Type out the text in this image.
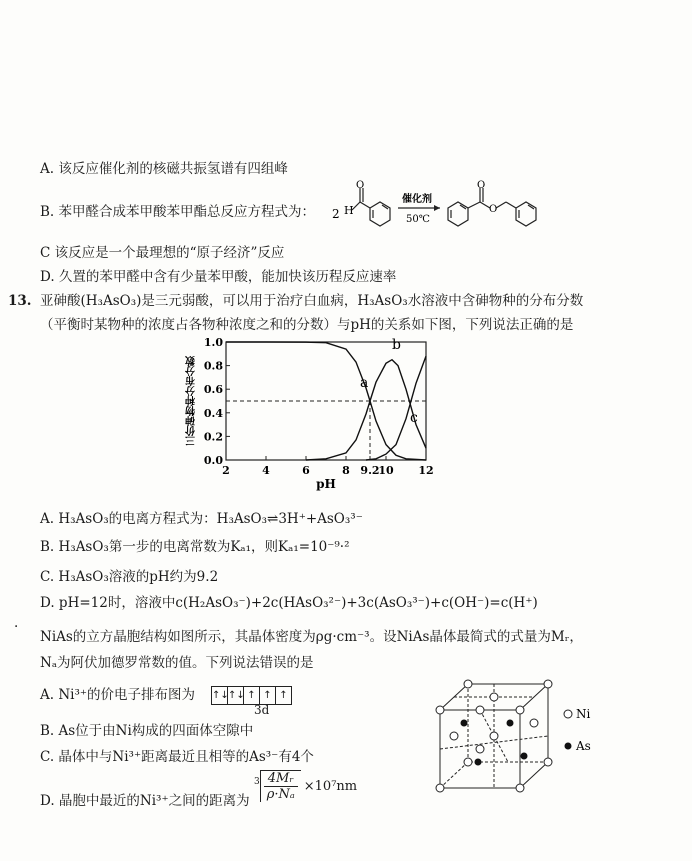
A. 该反应催化剂的核磁共振氢谱有四组峰
B. 苯甲醛合成苯甲酸苯甲酯总反应方程式为： 2 H
O
催化剂
50℃
O
O
C 该反应是一个最理想的“原子经济”反应
D. 久置的苯甲醛中含有少量苯甲酸，能加快该历程反应速率
13. 亚砷酸(H₃AsO₃)是三元弱酸，可以用于治疗白血病，H₃AsO₃水溶液中含砷物种的分布分数
（平衡时某物种的浓度占各物种浓度之和的分数）与pH的关系如下图，下列说法正确的是
0.0
0.2
0.4
0.6
0.8
1.0
2	4	6	8 9.2
10 12
pH
三价砷物种分布分数	a
b
c
A. H₃AsO₃的电离方程式为：H₃AsO₃⇌3H⁺+AsO₃³⁻
B. H₃AsO₃第一步的电离常数为Kₐ₁，则Kₐ₁=10⁻⁹·²
C. H₃AsO₃溶液的pH约为9.2
D. pH=12时，溶液中c(H₂AsO₃⁻)+2c(HAsO₃²⁻)+3c(AsO₃³⁻)+c(OH⁻)=c(H⁺)
·
NiAs的立方晶胞结构如图所示，其晶体密度为ρg·cm⁻³。设NiAs晶体最简式的式量为Mᵣ，
Nₐ为阿伏加德罗常数的值。下列说法错误的是
A. Ni³⁺的价电子排布图为 ↑↓↑↓ ↑ ↑ ↑
3d
B. As位于由Ni构成的四面体空隙中
C. 晶体中与Ni³⁺距离最近且相等的As³⁻有4个
D. 晶胞中最近的Ni³⁺之间的距离为
$^3 \frac{\text{4Mᵣ}}{\text{ρ·Nₐ}} \times 10^7nm$
Ni
As
